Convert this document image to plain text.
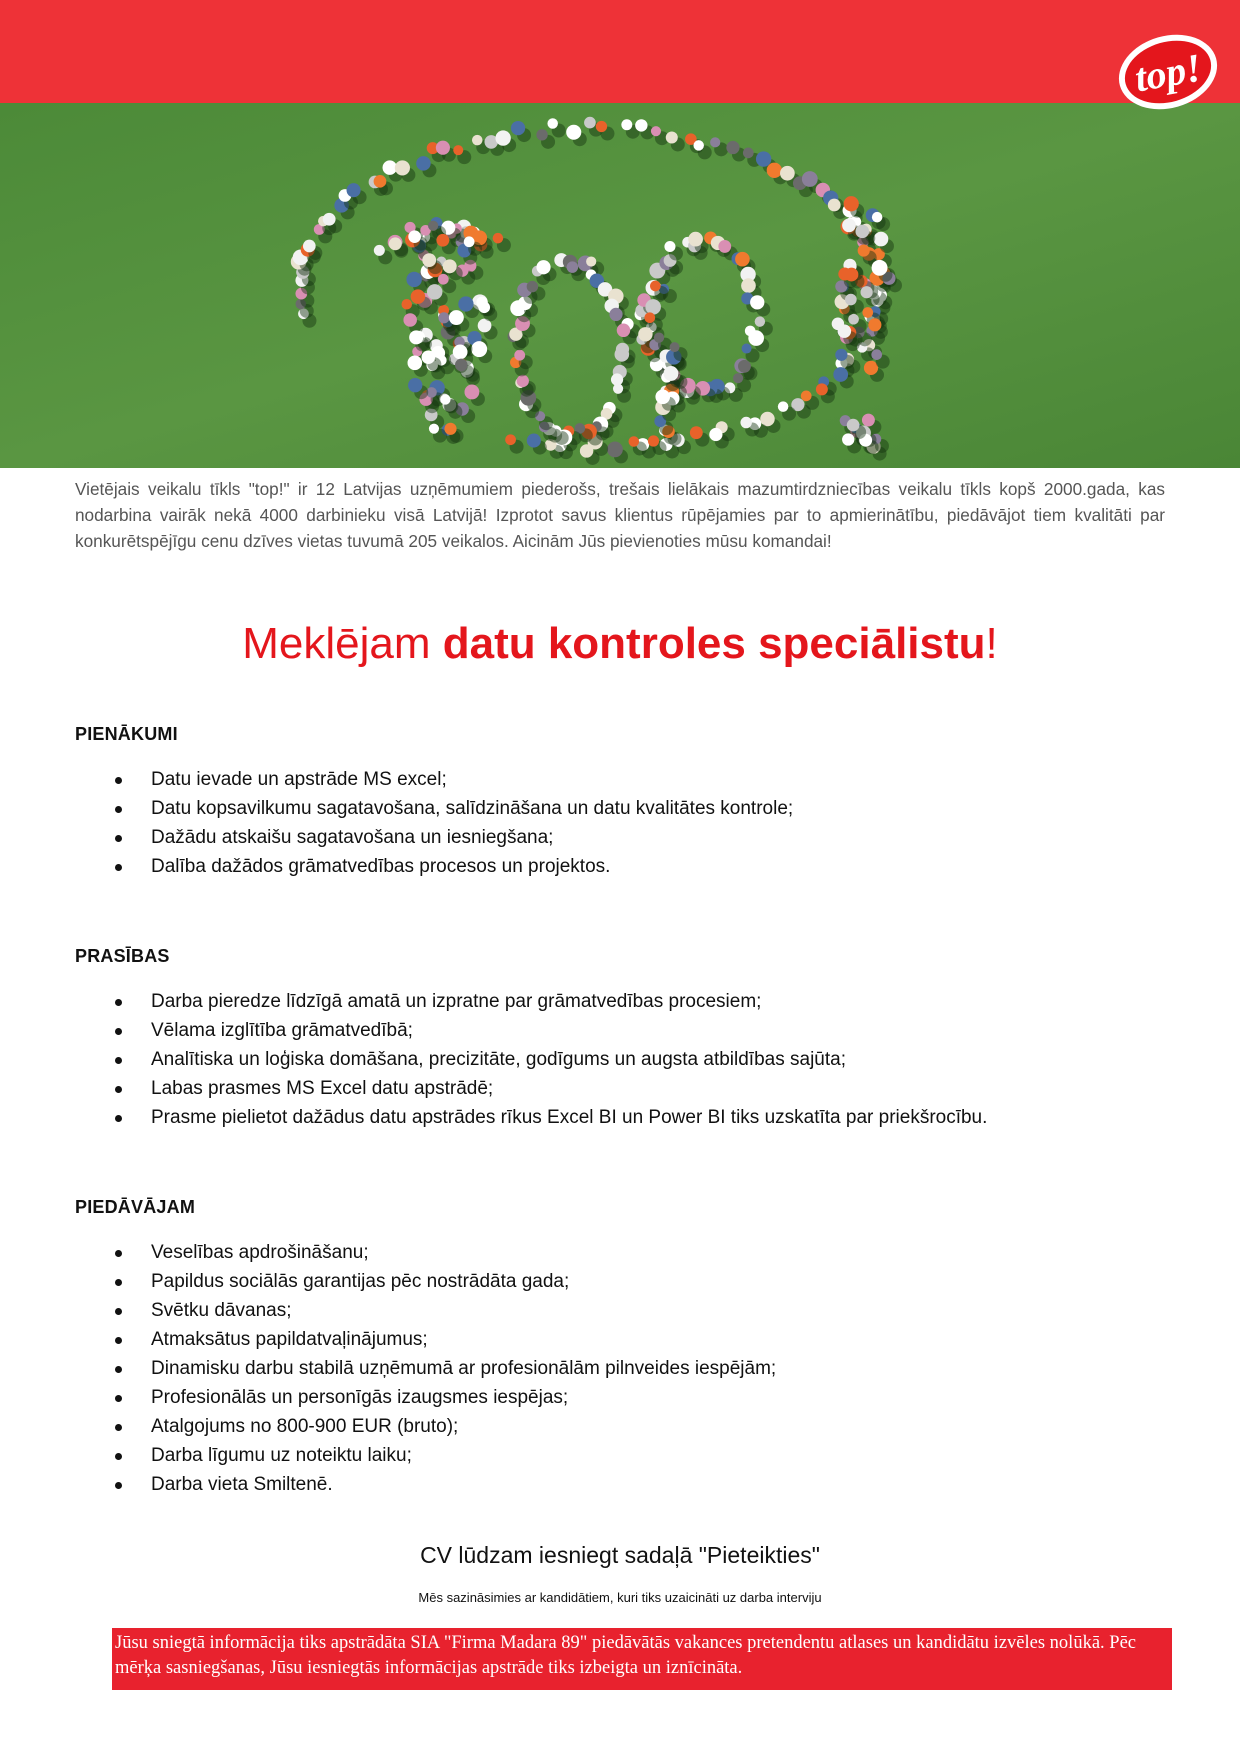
top!

Vietējais veikalu tīkls "top!" ir 12 Latvijas uzņēmumiem piederošs, trešais lielākais mazumtirdzniecības veikalu tīkls kopš 2000.gada, kas nodarbina vairāk nekā 4000 darbinieku visā Latvijā! Izprotot savus klientus rūpējamies par to apmierinātību, piedāvājot tiem kvalitāti par konkurētspējīgu cenu dzīves vietas tuvumā 205 veikalos. Aicinām Jūs pievienoties mūsu komandai!

Meklējam datu kontroles speciālistu!
PIENĀKUMI
Datu ievade un apstrāde MS excel;
Datu kopsavilkumu sagatavošana, salīdzināšana un datu kvalitātes kontrole;
Dažādu atskaišu sagatavošana un iesniegšana;
Dalība dažādos grāmatvedības procesos un projektos.
PRASĪBAS
Darba pieredze līdzīgā amatā un izpratne par grāmatvedības procesiem;
Vēlama izglītība grāmatvedībā;
Analītiska un loģiska domāšana, precizitāte, godīgums un augsta atbildības sajūta;
Labas prasmes MS Excel datu apstrādē;
Prasme pielietot dažādus datu apstrādes rīkus Excel BI un Power BI tiks uzskatīta par priekšrocību.
PIEDĀVĀJAM
Veselības apdrošināšanu;
Papildus sociālās garantijas pēc nostrādāta gada;
Svētku dāvanas;
Atmaksātus papildatvaļinājumus;
Dinamisku darbu stabilā uzņēmumā ar profesionālām pilnveides iespējām;
Profesionālās un personīgās izaugsmes iespējas;
Atalgojums no 800-900 EUR (bruto);
Darba līgumu uz noteiktu laiku;
Darba vieta Smiltenē.

CV lūdzam iesniegt sadaļā "Pieteikties"

Mēs sazināsimies ar kandidātiem, kuri tiks uzaicināti uz darba interviju

Jūsu sniegtā informācija tiks apstrādāta SIA "Firma Madara 89" piedāvātās vakances pretendentu atlases un kandidātu izvēles nolūkā. Pēc mērķa sasniegšanas, Jūsu iesniegtās informācijas apstrāde tiks izbeigta un iznīcināta.
